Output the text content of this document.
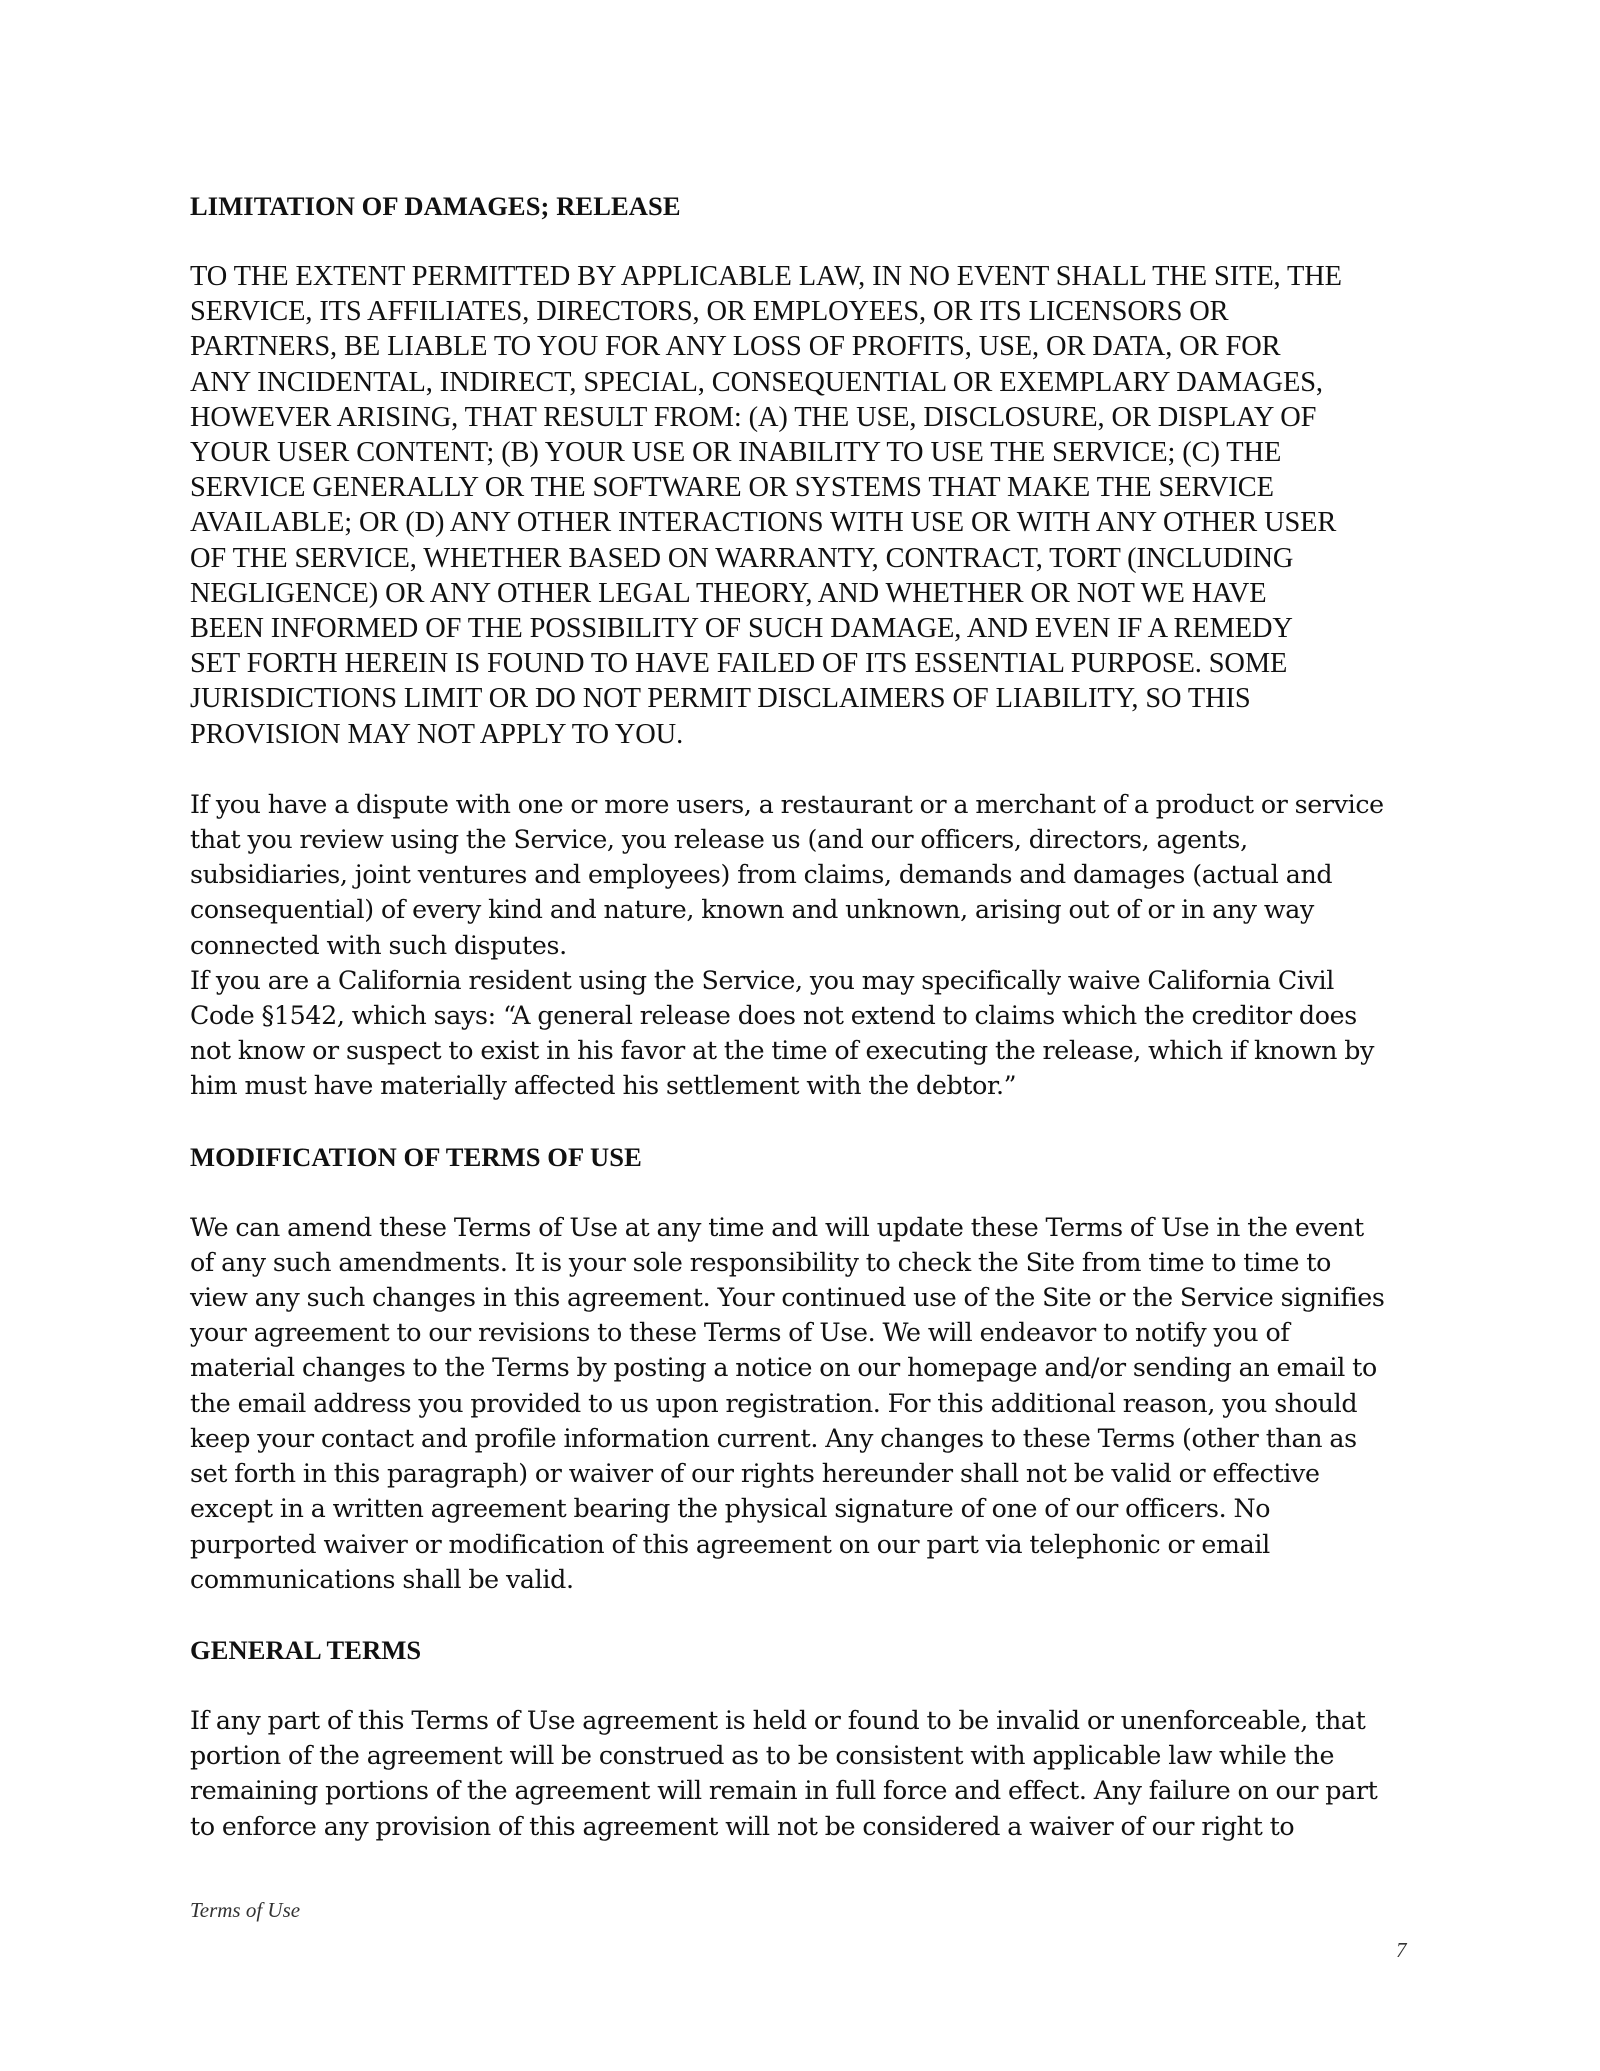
LIMITATION OF DAMAGES; RELEASE

TO THE EXTENT PERMITTED BY APPLICABLE LAW, IN NO EVENT SHALL THE SITE, THE
SERVICE, ITS AFFILIATES, DIRECTORS, OR EMPLOYEES, OR ITS LICENSORS OR
PARTNERS, BE LIABLE TO YOU FOR ANY LOSS OF PROFITS, USE, OR DATA, OR FOR
ANY INCIDENTAL, INDIRECT, SPECIAL, CONSEQUENTIAL OR EXEMPLARY DAMAGES,
HOWEVER ARISING, THAT RESULT FROM: (A) THE USE, DISCLOSURE, OR DISPLAY OF
YOUR USER CONTENT; (B) YOUR USE OR INABILITY TO USE THE SERVICE; (C) THE
SERVICE GENERALLY OR THE SOFTWARE OR SYSTEMS THAT MAKE THE SERVICE
AVAILABLE; OR (D) ANY OTHER INTERACTIONS WITH USE OR WITH ANY OTHER USER
OF THE SERVICE, WHETHER BASED ON WARRANTY, CONTRACT, TORT (INCLUDING
NEGLIGENCE) OR ANY OTHER LEGAL THEORY, AND WHETHER OR NOT WE HAVE
BEEN INFORMED OF THE POSSIBILITY OF SUCH DAMAGE, AND EVEN IF A REMEDY
SET FORTH HEREIN IS FOUND TO HAVE FAILED OF ITS ESSENTIAL PURPOSE. SOME
JURISDICTIONS LIMIT OR DO NOT PERMIT DISCLAIMERS OF LIABILITY, SO THIS
PROVISION MAY NOT APPLY TO YOU.

If you have a dispute with one or more users, a restaurant or a merchant of a product or service
that you review using the Service, you release us (and our officers, directors, agents,
subsidiaries, joint ventures and employees) from claims, demands and damages (actual and
consequential) of every kind and nature, known and unknown, arising out of or in any way
connected with such disputes.

If you are a California resident using the Service, you may specifically waive California Civil
Code §1542, which says: “A general release does not extend to claims which the creditor does
not know or suspect to exist in his favor at the time of executing the release, which if known by
him must have materially affected his settlement with the debtor.”

MODIFICATION OF TERMS OF USE

We can amend these Terms of Use at any time and will update these Terms of Use in the event
of any such amendments. It is your sole responsibility to check the Site from time to time to
view any such changes in this agreement. Your continued use of the Site or the Service signifies
your agreement to our revisions to these Terms of Use. We will endeavor to notify you of
material changes to the Terms by posting a notice on our homepage and/or sending an email to
the email address you provided to us upon registration. For this additional reason, you should
keep your contact and profile information current. Any changes to these Terms (other than as
set forth in this paragraph) or waiver of our rights hereunder shall not be valid or effective
except in a written agreement bearing the physical signature of one of our officers. No
purported waiver or modification of this agreement on our part via telephonic or email
communications shall be valid.

GENERAL TERMS

If any part of this Terms of Use agreement is held or found to be invalid or unenforceable, that
portion of the agreement will be construed as to be consistent with applicable law while the
remaining portions of the agreement will remain in full force and effect. Any failure on our part
to enforce any provision of this agreement will not be considered a waiver of our right to

Terms of Use
7
